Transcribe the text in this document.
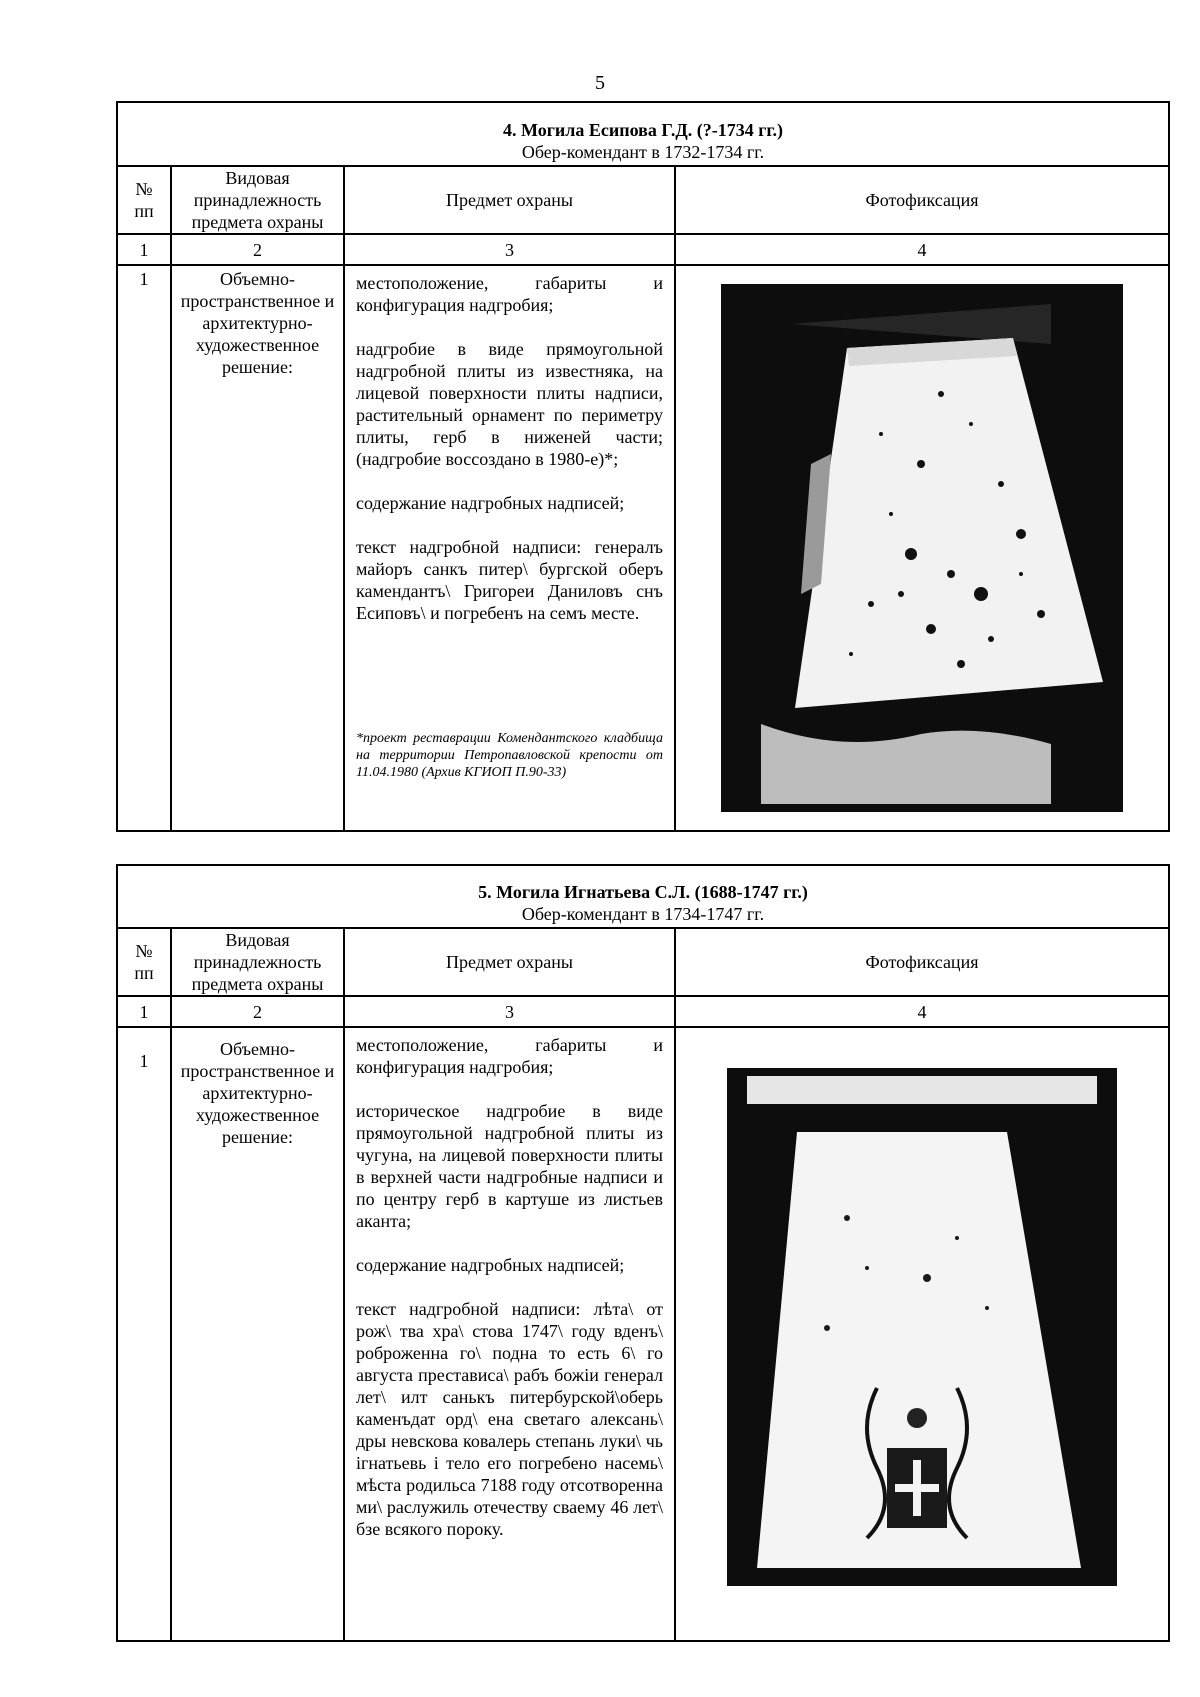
5
4. Могила Есипова Г.Д. (?-1734 гг.)
Обер-комендант в 1732-1734 гг.			
№
пп	Видовая принадлежность предмета охраны	Предмет охраны	Фотофиксация
1	2	3	4
1	Объемно-пространственное и архитектурно-художественное решение:	местоположение, габариты и конфигурация надгробия;

надгробие в виде прямоугольной надгробной плиты из известняка, на лицевой поверхности плиты надписи, растительный орнамент по периметру плиты, герб в ниженей части; (надгробие воссоздано в 1980-е)*;

содержание надгробных надписей;

текст надгробной надписи: генералъ майоръ санкъ питер\ бургской оберъ камендантъ\ Григореи Даниловъ снъ Есиповъ\ и погребенъ на семъ месте.

*проект реставрации Комендантского кладбища на территории Петропавловской крепости от 11.04.1980 (Архив КГИОП П.90-33)

5. Могила Игнатьева С.Л. (1688-1747 гг.)
Обер-комендант в 1734-1747 гг.			
№
пп	Видовая принадлежность предмета охраны	Предмет охраны	Фотофиксация
1	2	3	4
1	Объемно-пространственное и архитектурно-художественное решение:	местоположение, габариты и конфигурация надгробия;

историческое надгробие в виде прямоугольной надгробной плиты из чугуна, на лицевой поверхности плиты в верхней части надгробные надписи и по центру герб в картуше из листьев аканта;

содержание надгробных надписей;

текст надгробной надписи: лѣта\ от рож\ тва хра\ стова 1747\ году вденъ\ роброженна го\ подна то есть 6\ го августа престависа\ рабъ божiи генерал лет\ илт санькъ питербурской\оберь каменъдат орд\ ена светаго алексань\ дры невскова ковалерь степань луки\ чь iгнатьевь i тело его погребено насемь\ мѣста родильса 7188 году отсотворенна ми\ раслужиль отечеству сваему 46 лет\ бзе всякого пороку.
